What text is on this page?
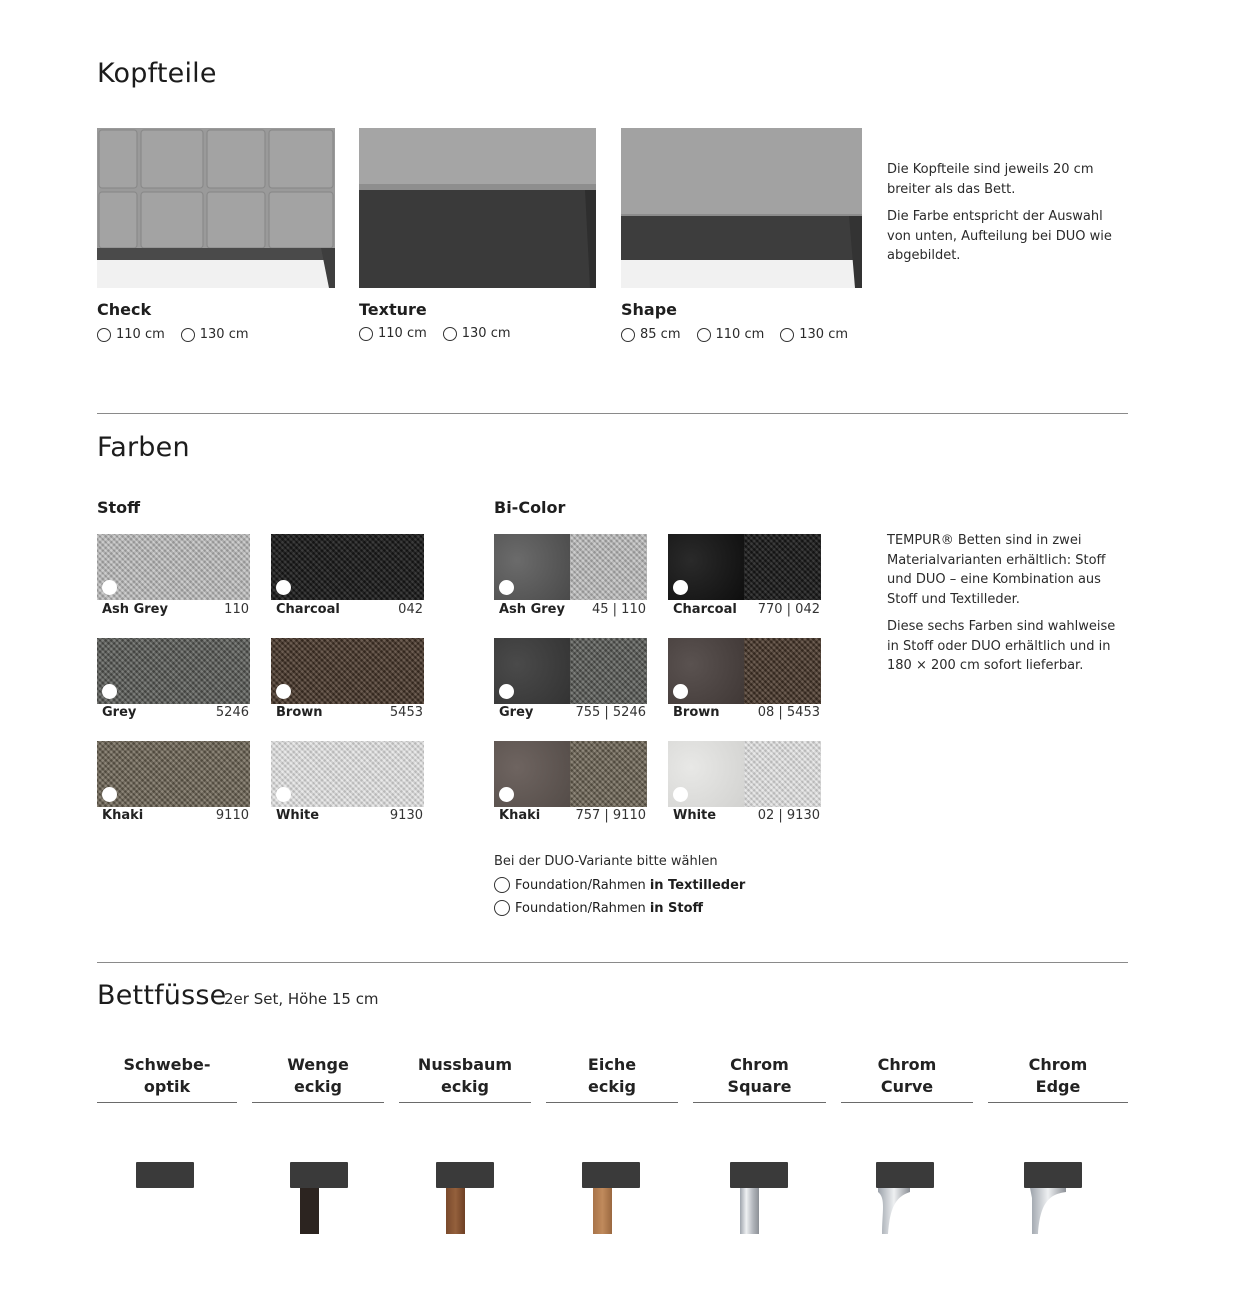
Kopfteile
Check
110 cm	130 cm
Texture
110 cm	130 cm
Shape
85 cm	110 cm	130 cm

Die Kopfteile sind jeweils 20 cm breiter als das Bett.

Die Farbe entspricht der Auswahl von unten, Aufteilung bei DUO wie abgebildet.

Farben
Stoff	Bi-Color
Ash Grey	110 Charcoal	042
Grey	5246 Brown	5453
Khaki	9110 White	9130
Ash Grey 45 | 110 Charcoal 770 | 042
Grey	755 | 5246 Brown	08 | 5453
Khaki	757 | 9110 White	02 | 9130

TEMPUR® Betten sind in zwei Materialvarianten erhältlich: Stoff und DUO – eine Kombination aus Stoff und Textilleder.

Diese sechs Farben sind wahlweise in Stoff oder DUO erhältlich und in 180 × 200 cm sofort lieferbar.

Bei der DUO-Variante bitte wählen
Foundation/Rahmen in Textilleder
Foundation/Rahmen in Stoff
Bettfüsse
2er Set, Höhe 15 cm
Schwebe-
optik
Wenge
eckig
Nussbaum
eckig
Eiche
eckig
Chrom
Square
Chrom
Curve
Chrom
Edge
